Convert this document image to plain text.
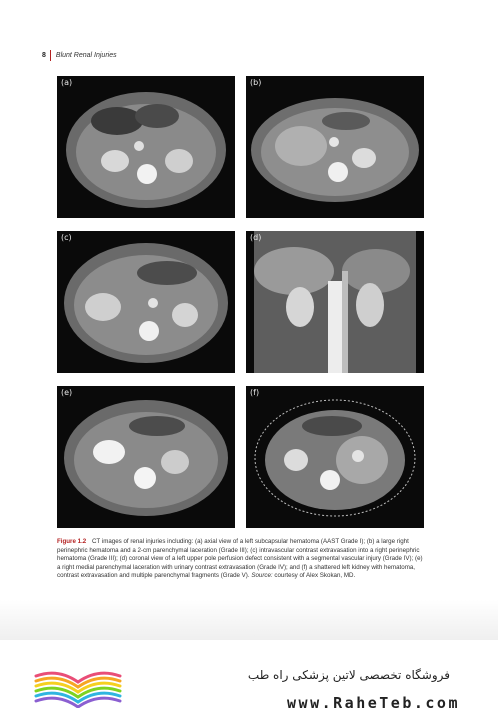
8 Blunt Renal Injuries
(a)	(b)
(c)	(d)
(e)	(f)
Figure 1.2 CT images of renal injuries including: (a) axial view of a left subcapsular hematoma (AAST Grade I); (b) a large right perinephric hematoma and a 2-cm parenchymal laceration (Grade III); (c) intravascular contrast extravasation into a right perinephric hematoma (Grade III); (d) coronal view of a left upper pole perfusion defect consistent with a segmental vascular injury (Grade IV); (e) a right medial parenchymal laceration with urinary contrast extravasation (Grade IV); and (f) a shattered left kidney with hematoma, contrast extravasation and multiple parenchymal fragments (Grade V). Source: courtesy of Alex Skokan, MD.
فروشگاه تخصصی لاتین پزشکی راه طب
www.RaheTeb.com
